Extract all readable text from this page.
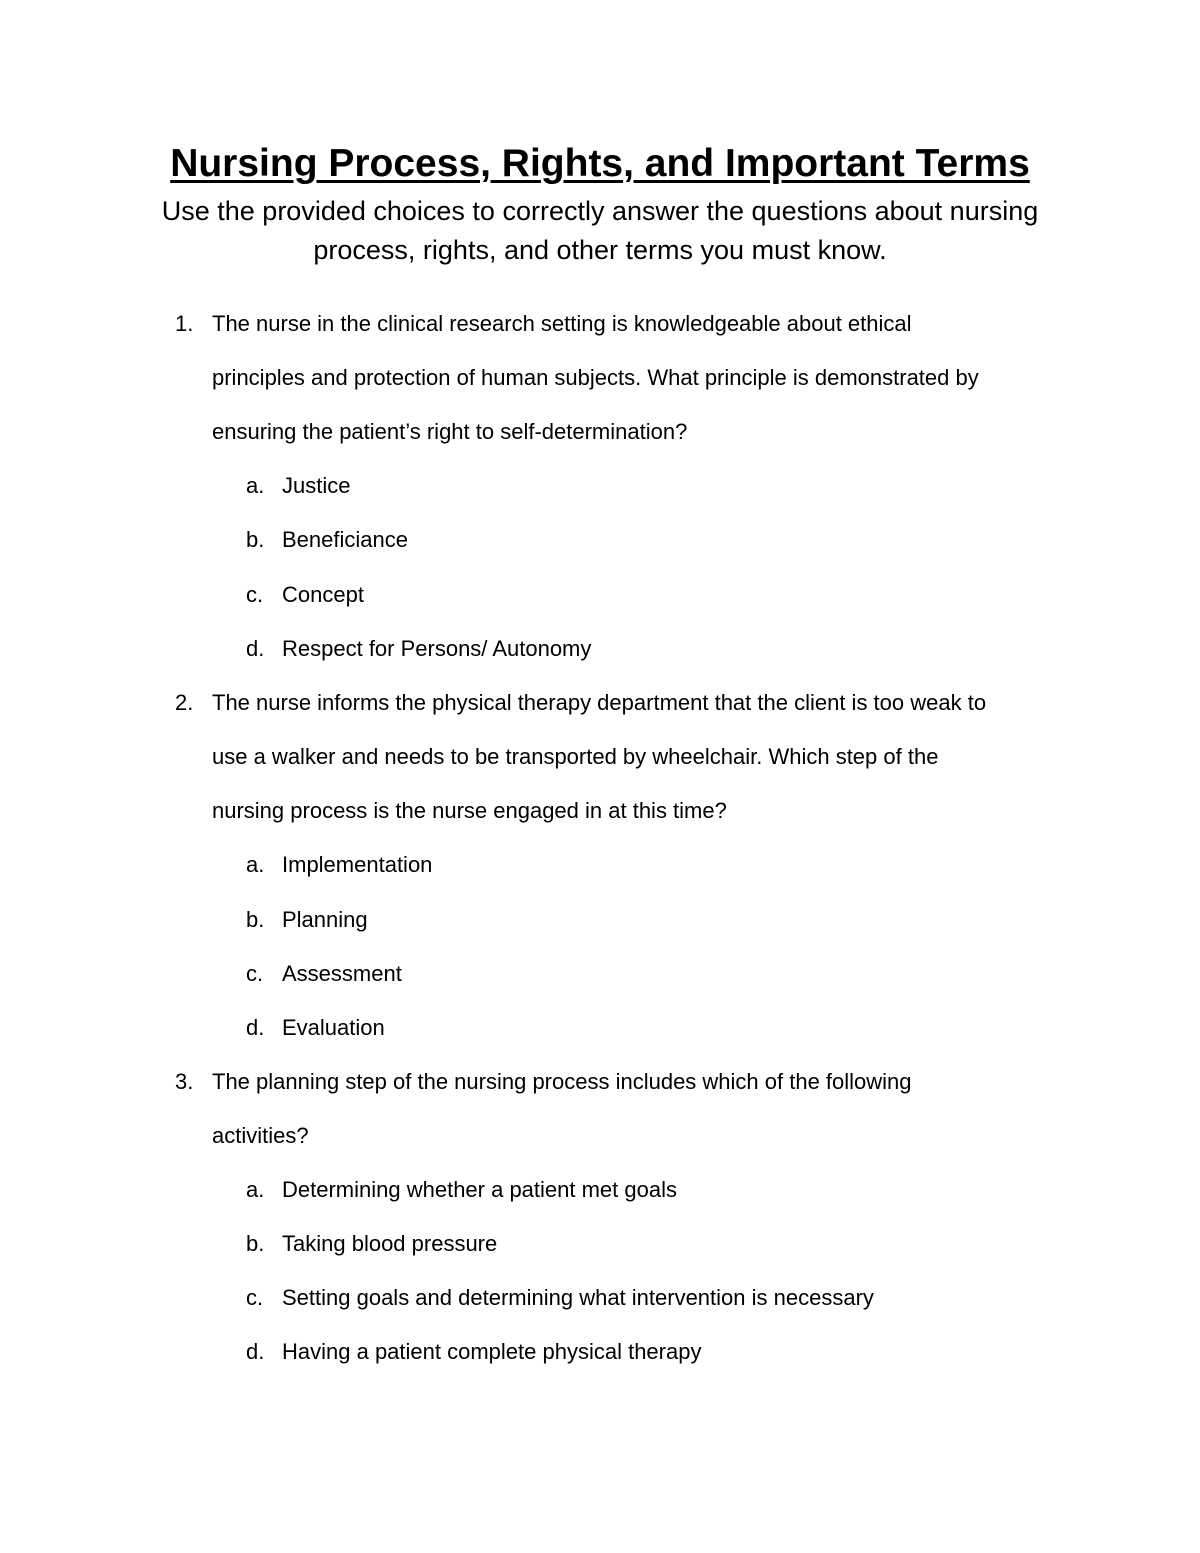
Nursing Process, Rights, and Important Terms

Use the provided choices to correctly answer the questions about nursing process, rights, and other terms you must know.

1. The nurse in the clinical research setting is knowledgeable about ethical
principles and protection of human subjects. What principle is demonstrated by
ensuring the patient’s right to self-determination?
a. Justice
b. Beneficiance
c. Concept
d. Respect for Persons/ Autonomy
2. The nurse informs the physical therapy department that the client is too weak to
use a walker and needs to be transported by wheelchair. Which step of the
nursing process is the nurse engaged in at this time?
a. Implementation
b. Planning
c. Assessment
d. Evaluation
3. The planning step of the nursing process includes which of the following
activities?
a. Determining whether a patient met goals
b. Taking blood pressure
c. Setting goals and determining what intervention is necessary
d. Having a patient complete physical therapy
